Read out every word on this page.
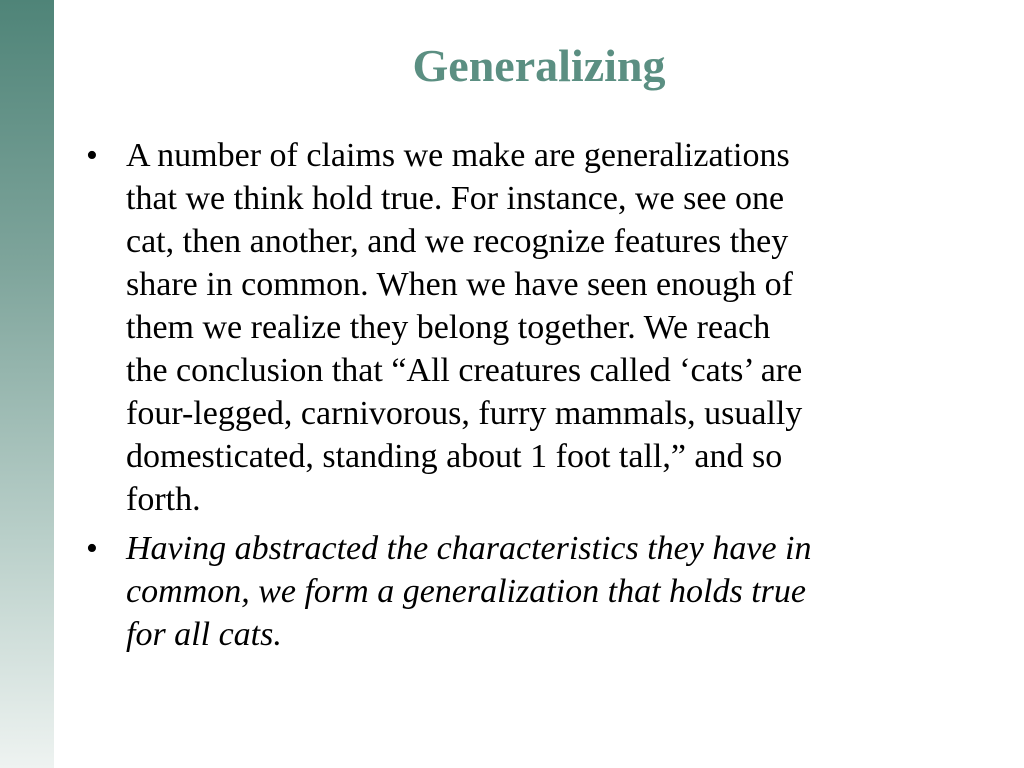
Generalizing
• A number of claims we make are generalizations
that we think hold true. For instance, we see one
cat, then another, and we recognize features they
share in common. When we have seen enough of
them we realize they belong together. We reach
the conclusion that “All creatures called ‘cats’ are
four-legged, carnivorous, furry mammals, usually
domesticated, standing about 1 foot tall,” and so
forth.
• Having abstracted the characteristics they have in
common, we form a generalization that holds true
for all cats.
